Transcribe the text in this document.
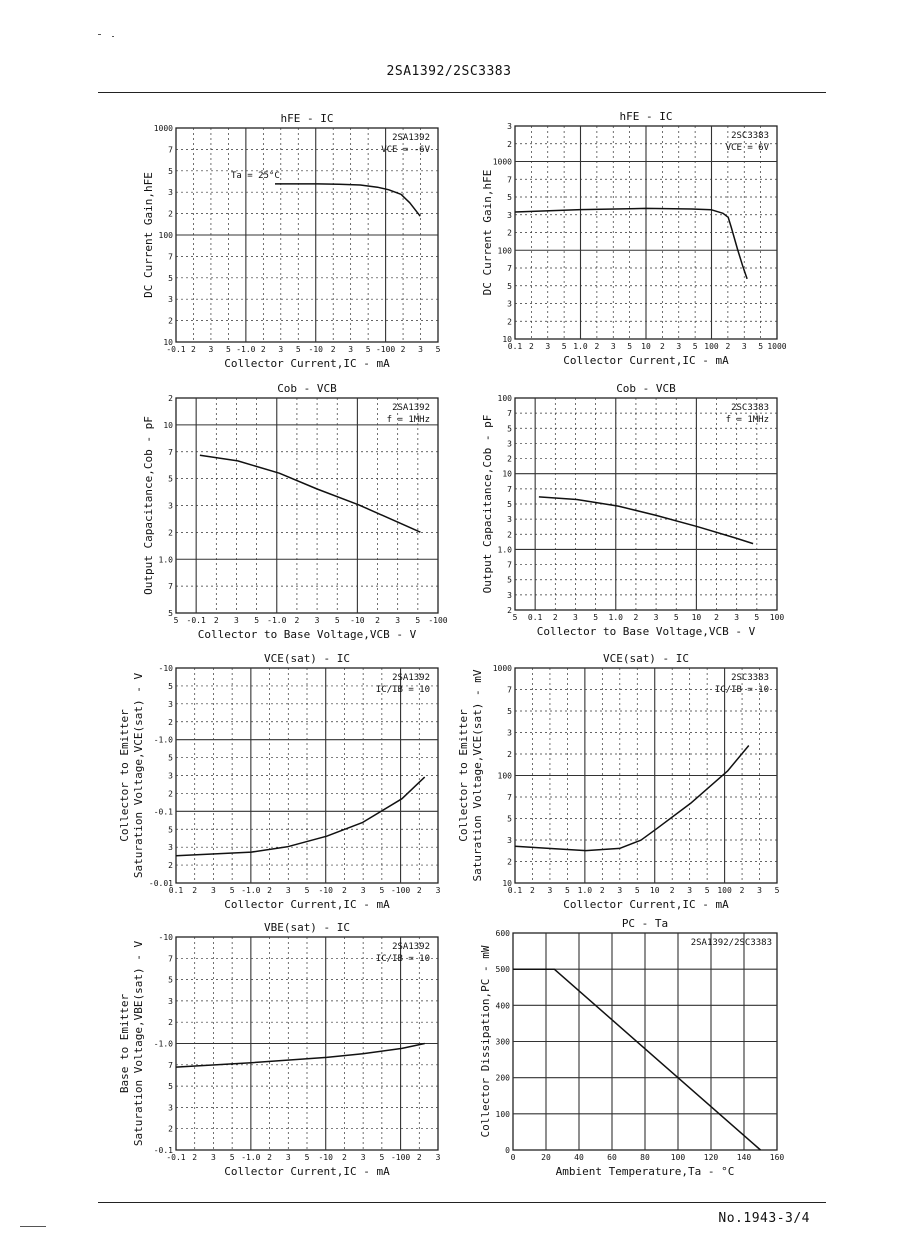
2SA1392/2SC3383
No.1943-3/4
-0.1 2 3 5 -1.0 2 3 5 -10 2 3 5 -100 2 3 5
1000
7
5
3
2
100
7
5
3
2
10
hFE - IC
2SA1392
VCE = -6V
Ta = 25°C
Collector Current,IC - mA
DC Current Gain,hFE
0.1 2 3 5 1.0 2 3 5 10 2 3 5 100 2 3 5 1000
3
2
1000
7
5
3
2
100
7
5
3
2
10
hFE - IC
2SC3383
VCE = 6V
Collector Current,IC - mA
DC Current Gain,hFE
5 -0.1 2 3 5 -1.0 2 3 5 -10 2 3 5 -100
2
10
7
5
3
2
1.0
7
5
Cob - VCB
2SA1392
f = 1MHz
Collector to Base Voltage,VCB - V
Output Capacitance,Cob - pF
5 0.1 2 3 5 1.0 2 3 5 10 2 3 5 100
100
7
5
3
2
10
7
5
3
2
1.0
7
5
3
2
Cob - VCB
2SC3383
f = 1MHz
Collector to Base Voltage,VCB - V
Output Capacitance,Cob - pF
0.1 2 3 5 -1.0 2 3 5 -10 2 3 5 -100 2 3
-10
5
3
2
-1.0
5
3
2
-0.1
5
3
2
-0.01
VCE(sat) - IC
2SA1392
IC/IB = 10
Collector Current,IC - mA
Collector to Emitter Saturation Voltage,VCE(sat) - V
0.1 2 3 5 1.0 2 3 5 10 2 3 5 100 2 3 5
1000
7
5
3
2
100
7
5
3
2
10
VCE(sat) - IC
2SC3383
IC/IB = 10
Collector Current,IC - mA
Collector to Emitter Saturation Voltage,VCE(sat) - mV
-0.1 2 3 5 -1.0 2 3 5 -10 2 3 5 -100 2 3
-10
7
5
3
2
-1.0
7
5
3
2
-0.1
VBE(sat) - IC
2SA1392
IC/IB = 10
Collector Current,IC - mA
Base to Emitter Saturation Voltage,VBE(sat) - V
0	20	40	60	80	100 120 140 160
600
500
400
300
200
100
0
PC - Ta
2SA1392/2SC3383
Ambient Temperature,Ta - °C
Collector Dissipation,PC - mW
